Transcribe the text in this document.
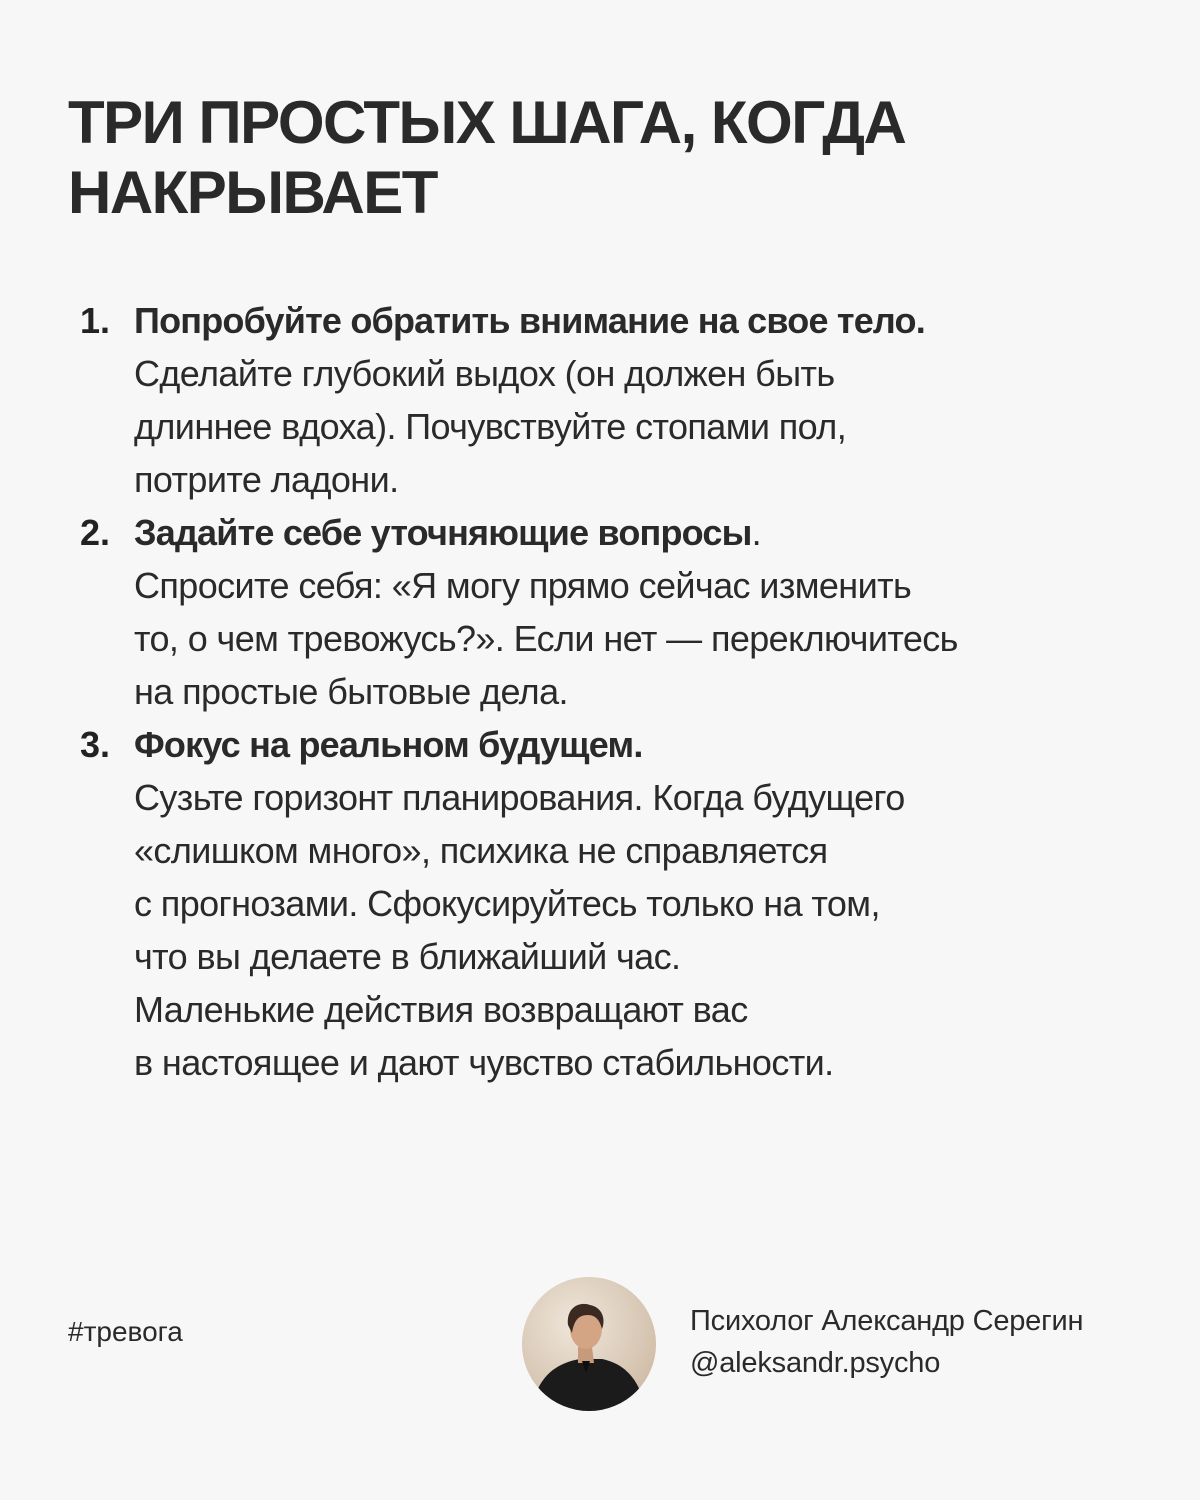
ТРИ ПРОСТЫХ ШАГА, КОГДА
НАКРЫВАЕТ
1. Попробуйте обратить внимание на свое тело.
Сделайте глубокий выдох (он должен быть
длиннее вдоха). Почувствуйте стопами пол,
потрите ладони.
2. Задайте себе уточняющие вопросы.
Спросите себя: «Я могу прямо сейчас изменить
то, о чем тревожусь?». Если нет — переключитесь
на простые бытовые дела.
3. Фокус на реальном будущем.
Сузьте горизонт планирования. Когда будущего
«слишком много», психика не справляется
с прогнозами. Сфокусируйтесь только на том,
что вы делаете в ближайший час.
Маленькие действия возвращают вас
в настоящее и дают чувство стабильности.
#тревога	Психолог Александр Серегин
@aleksandr.psycho
